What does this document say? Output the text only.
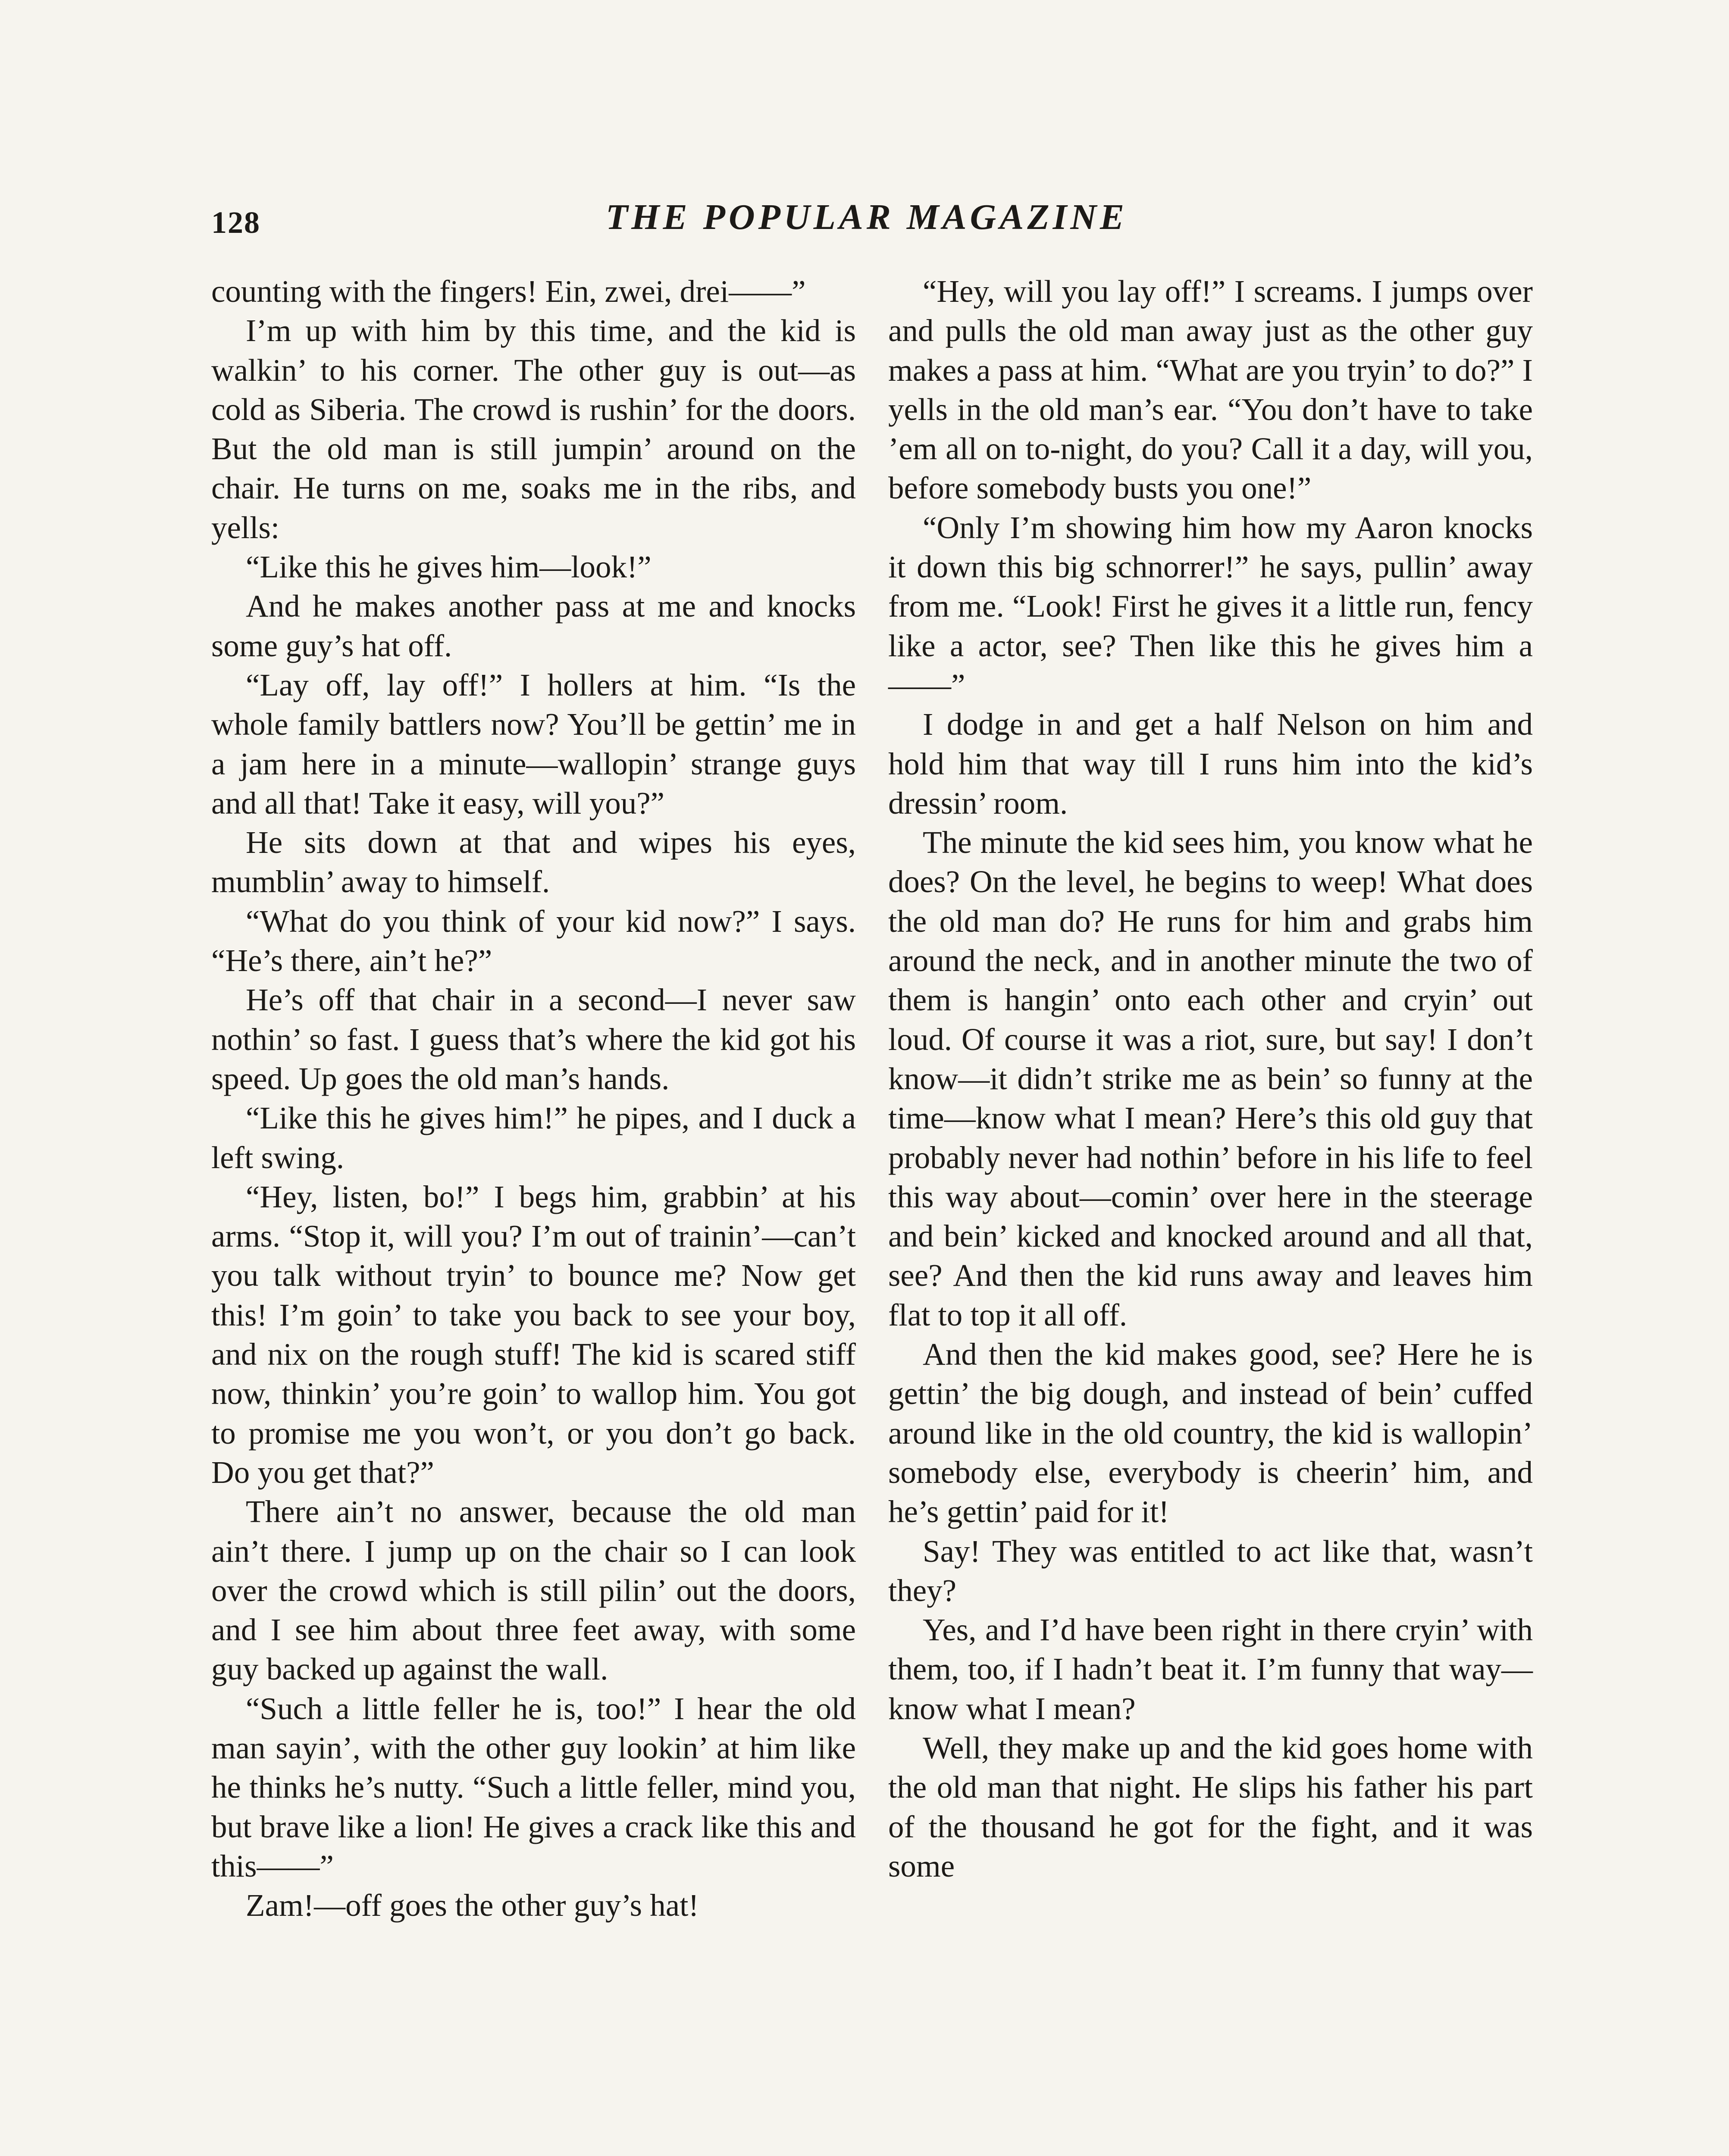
128	THE POPULAR MAGAZINE

counting with the fingers! Ein, zwei, drei——”

I’m up with him by this time, and the kid is walkin’ to his corner. The other guy is out—as cold as Siberia. The crowd is rushin’ for the doors. But the old man is still jumpin’ around on the chair. He turns on me, soaks me in the ribs, and yells:

“Like this he gives him—look!”

And he makes another pass at me and knocks some guy’s hat off.

“Lay off, lay off!” I hollers at him. “Is the whole family battlers now? You’ll be gettin’ me in a jam here in a minute—wallopin’ strange guys and all that! Take it easy, will you?”

He sits down at that and wipes his eyes, mumblin’ away to himself.

“What do you think of your kid now?” I says. “He’s there, ain’t he?”

He’s off that chair in a second—I never saw nothin’ so fast. I guess that’s where the kid got his speed. Up goes the old man’s hands.

“Like this he gives him!” he pipes, and I duck a left swing.

“Hey, listen, bo!” I begs him, grabbin’ at his arms. “Stop it, will you? I’m out of trainin’—can’t you talk without tryin’ to bounce me? Now get this! I’m goin’ to take you back to see your boy, and nix on the rough stuff! The kid is scared stiff now, thinkin’ you’re goin’ to wallop him. You got to promise me you won’t, or you don’t go back. Do you get that?”

There ain’t no answer, because the old man ain’t there. I jump up on the chair so I can look over the crowd which is still pilin’ out the doors, and I see him about three feet away, with some guy backed up against the wall.

“Such a little feller he is, too!” I hear the old man sayin’, with the other guy lookin’ at him like he thinks he’s nutty. “Such a little feller, mind you, but brave like a lion! He gives a crack like this and this——”

Zam!—off goes the other guy’s hat!

“Hey, will you lay off!” I screams. I jumps over and pulls the old man away just as the other guy makes a pass at him. “What are you tryin’ to do?” I yells in the old man’s ear. “You don’t have to take ’em all on to-night, do you? Call it a day, will you, before somebody busts you one!”

“Only I’m showing him how my Aaron knocks it down this big schnorrer!” he says, pullin’ away from me. “Look! First he gives it a little run, fency like a actor, see? Then like this he gives him a——”

I dodge in and get a half Nelson on him and hold him that way till I runs him into the kid’s dressin’ room.

The minute the kid sees him, you know what he does? On the level, he begins to weep! What does the old man do? He runs for him and grabs him around the neck, and in another minute the two of them is hangin’ onto each other and cryin’ out loud. Of course it was a riot, sure, but say! I don’t know—it didn’t strike me as bein’ so funny at the time—know what I mean? Here’s this old guy that probably never had nothin’ before in his life to feel this way about—comin’ over here in the steerage and bein’ kicked and knocked around and all that, see? And then the kid runs away and leaves him flat to top it all off.

And then the kid makes good, see? Here he is gettin’ the big dough, and instead of bein’ cuffed around like in the old country, the kid is wallopin’ somebody else, everybody is cheerin’ him, and he’s gettin’ paid for it!

Say! They was entitled to act like that, wasn’t they?

Yes, and I’d have been right in there cryin’ with them, too, if I hadn’t beat it. I’m funny that way—know what I mean?

Well, they make up and the kid goes home with the old man that night. He slips his father his part of the thousand he got for the fight, and it was some
